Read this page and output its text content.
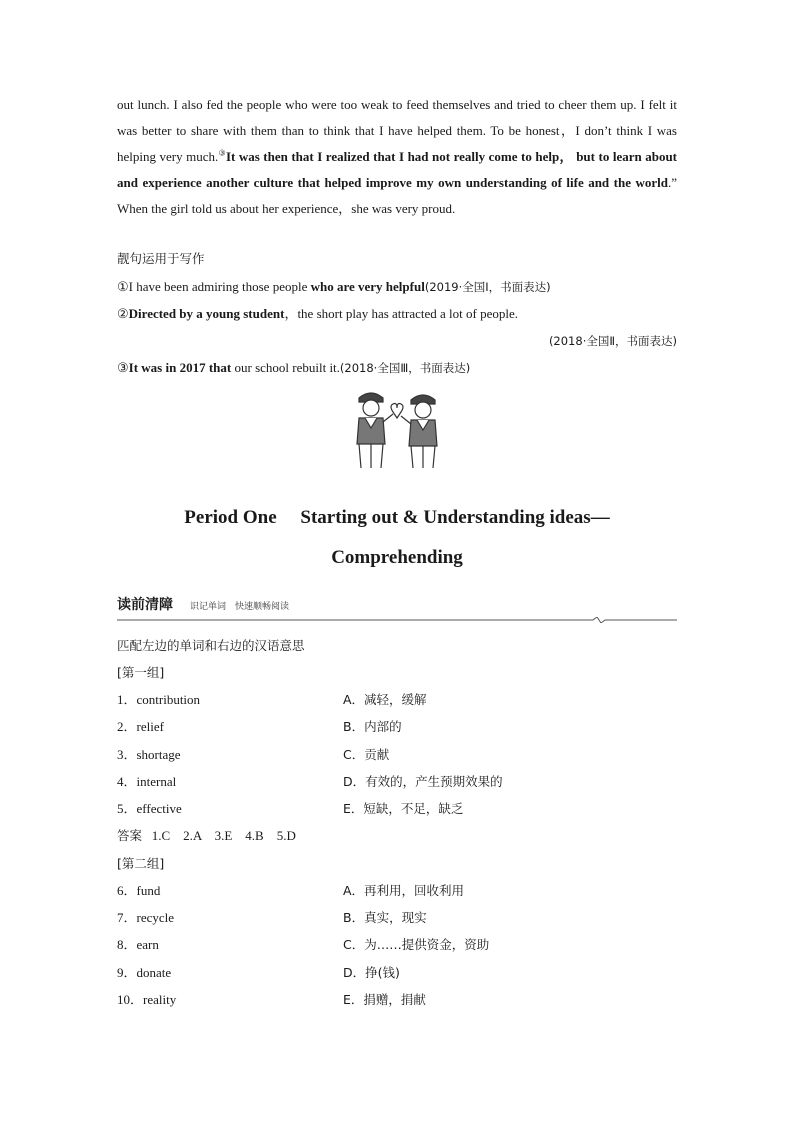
out lunch. I also fed the people who were too weak to feed themselves and tried to cheer them up. I felt it was better to share with them than to think that I have helped them. To be honest，I don’t think I was helping very much.③It was then that I realized that I had not really come to help， but to learn about and experience another culture that helped improve my own understanding of life and the world.” When the girl told us about her experience，she was very proud.
靓句运用于写作
①I have been admiring those people who are very helpful(2019·全国Ⅰ，书面表达)
②Directed by a young student，the short play has attracted a lot of people.
(2018·全国Ⅱ，书面表达)
③It was in 2017 that our school rebuilt it.(2018·全国Ⅲ，书面表达)
Period One  Starting out & Understanding ideas—
Comprehending
读前清障 识记单词　快速顺畅阅读
匹配左边的单词和右边的汉语意思
[第一组]
1．contribution	A．减轻，缓解
2．relief	B．内部的
3．shortage	C．贡献
4．internal	D．有效的，产生预期效果的
5．effective	E．短缺，不足，缺乏
答案 1.C　2.A　3.E　4.B　5.D
[第二组]
6．fund	A．再利用，回收利用
7．recycle	B．真实，现实
8．earn	C．为……提供资金，资助
9．donate	D．挣(钱)
10．reality	E．捐赠，捐献
